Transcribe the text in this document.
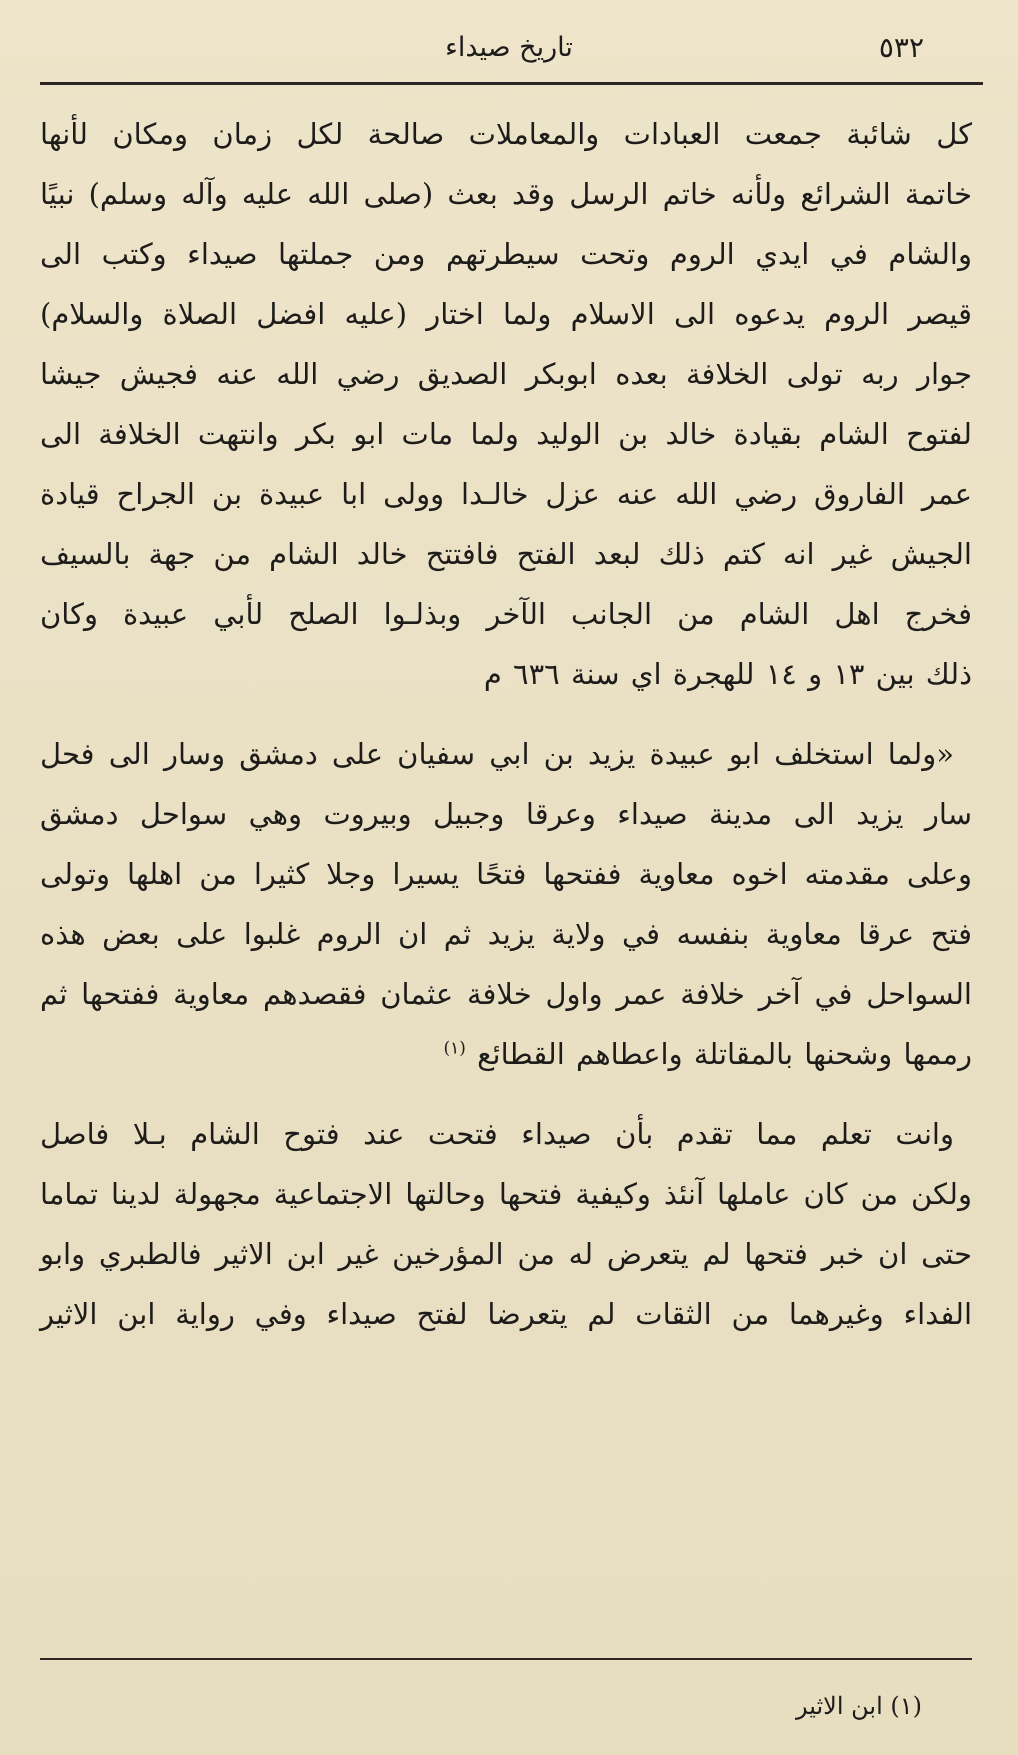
٥٣٢
تاريخ صيداء
كل شائبة جمعت العبادات والمعاملات صالحة لكل زمان ومكان لأنها
خاتمة الشرائع ولأنه خاتم الرسل وقد بعث (صلى الله عليه وآله وسلم) نبيًا
والشام في ايدي الروم وتحت سيطرتهم ومن جملتها صيداء وكتب الى
قيصر الروم يدعوه الى الاسلام ولما اختار (عليه افضل الصلاة والسلام)
جوار ربه تولى الخلافة بعده ابوبكر الصديق رضي الله عنه فجيش جيشا
لفتوح الشام بقيادة خالد بن الوليد ولما مات ابو بكر وانتهت الخلافة الى
عمر الفاروق رضي الله عنه عزل خالـدا وولى ابا عبيدة بن الجراح قيادة
الجيش غير انه كتم ذلك لبعد الفتح فافتتح خالد الشام من جهة بالسيف
فخرج اهل الشام من الجانب الآخر وبذلـوا الصلح لأبي عبيدة وكان
ذلك بين ١٣ و ١٤ للهجرة اي سنة ٦٣٦ م
«ولما استخلف ابو عبيدة يزيد بن ابي سفيان على دمشق وسار الى فحل
سار يزيد الى مدينة صيداء وعرقا وجبيل وبيروت وهي سواحل دمشق
وعلى مقدمته اخوه معاوية ففتحها فتحًا يسيرا وجلا كثيرا من اهلها وتولى
فتح عرقا معاوية بنفسه في ولاية يزيد ثم ان الروم غلبوا على بعض هذه
السواحل في آخر خلافة عمر واول خلافة عثمان فقصدهم معاوية ففتحها ثم
رممها وشحنها بالمقاتلة واعطاهم القطائع $^{(١)}$
وانت تعلم مما تقدم بأن صيداء فتحت عند فتوح الشام بـلا فاصل
ولكن من كان عاملها آنئذ وكيفية فتحها وحالتها الاجتماعية مجهولة لدينا تماما
حتى ان خبر فتحها لم يتعرض له من المؤرخين غير ابن الاثير فالطبري وابو
الفداء وغيرهما من الثقات لم يتعرضا لفتح صيداء وفي رواية ابن الاثير
(١) ابن الاثير
